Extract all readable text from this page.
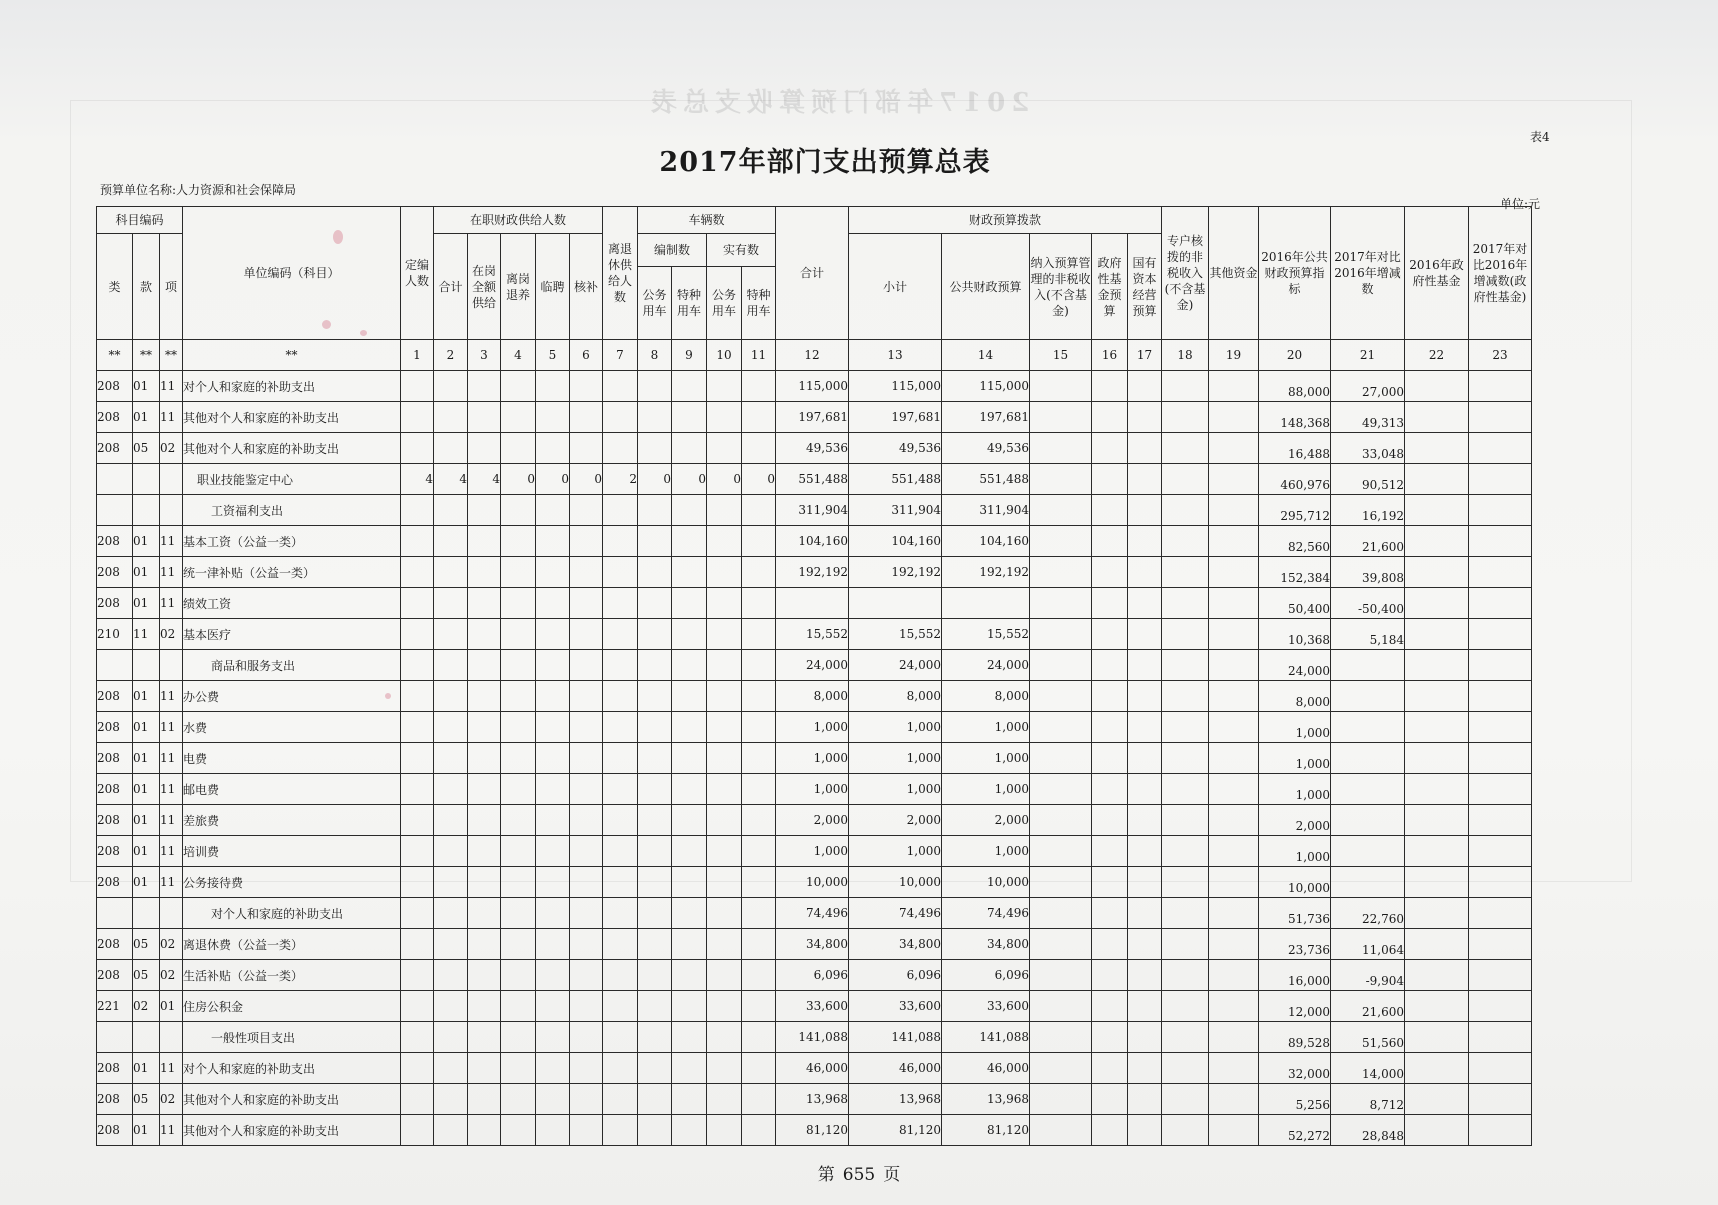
2017年部门预算收支总表
表4
2017年部门支出预算总表
预算单位名称:人力资源和社会保障局
单位:元
科目编码			单位编码（科目）	定编人数	在职财政供给人数					离退休供给人数	车辆数				合计	财政预算拨款					专户核拨的非税收入(不含基金)	其他资金	2016年公共财政预算指标	2017年对比2016年增减数	2016年政府性基金	2017年对比2016年增减数(政府性基金)
类	款	项			合计	在岗全额供给	离岗退养	临聘	核补		编制数		实有数			小计	公共财政预算	纳入预算管理的非税收入(不含基金)	政府性基金预算	国有资本经营预算						
											公务用车	特种用车	公务用车	特种用车												
**	**	**	**	1	2	3	4	5	6	7	8	9	10	11	12	13	14	15	16	17	18	19	20	21	22	23
208	01	11	对个人和家庭的补助支出												115,000	115,000	115,000						88,000	27,000		
208	01	11	其他对个人和家庭的补助支出												197,681	197,681	197,681						148,368	49,313		
208	05	02	其他对个人和家庭的补助支出												49,536	49,536	49,536						16,488	33,048		
			职业技能鉴定中心	4	4	4	0	0	0	2	0	0	0	0	551,488	551,488	551,488						460,976	90,512		
			工资福利支出												311,904	311,904	311,904						295,712	16,192		
208	01	11	基本工资（公益一类）												104,160	104,160	104,160						82,560	21,600		
208	01	11	统一津补贴（公益一类）												192,192	192,192	192,192						152,384	39,808		
208	01	11	绩效工资																				50,400	-50,400		
210	11	02	基本医疗												15,552	15,552	15,552						10,368	5,184		
			商品和服务支出												24,000	24,000	24,000						24,000			
208	01	11	办公费												8,000	8,000	8,000						8,000			
208	01	11	水费												1,000	1,000	1,000						1,000			
208	01	11	电费												1,000	1,000	1,000						1,000			
208	01	11	邮电费												1,000	1,000	1,000						1,000			
208	01	11	差旅费												2,000	2,000	2,000						2,000			
208	01	11	培训费												1,000	1,000	1,000						1,000			
208	01	11	公务接待费												10,000	10,000	10,000						10,000			
			对个人和家庭的补助支出												74,496	74,496	74,496						51,736	22,760		
208	05	02	离退休费（公益一类）												34,800	34,800	34,800						23,736	11,064		
208	05	02	生活补贴（公益一类）												6,096	6,096	6,096						16,000	-9,904		
221	02	01	住房公积金												33,600	33,600	33,600						12,000	21,600		
			一般性项目支出												141,088	141,088	141,088						89,528	51,560		
208	01	11	对个人和家庭的补助支出												46,000	46,000	46,000						32,000	14,000		
208	05	02	其他对个人和家庭的补助支出												13,968	13,968	13,968						5,256	8,712		
208	01	11	其他对个人和家庭的补助支出												81,120	81,120	81,120						52,272	28,848		
第 655 页
